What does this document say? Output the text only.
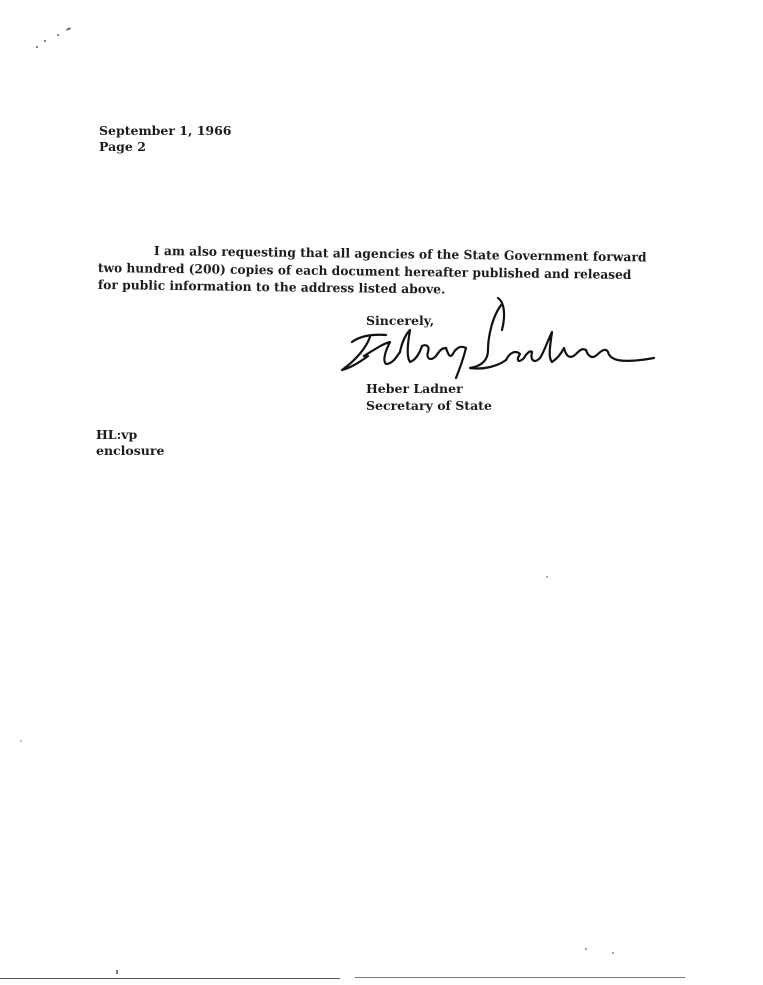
September 1, 1966
Page 2
I am also requesting that all agencies of the State Government forward
two hundred (200) copies of each document hereafter published and released
for public information to the address listed above.
Sincerely,
Heber Ladner
Secretary of State
HL:vp
enclosure
